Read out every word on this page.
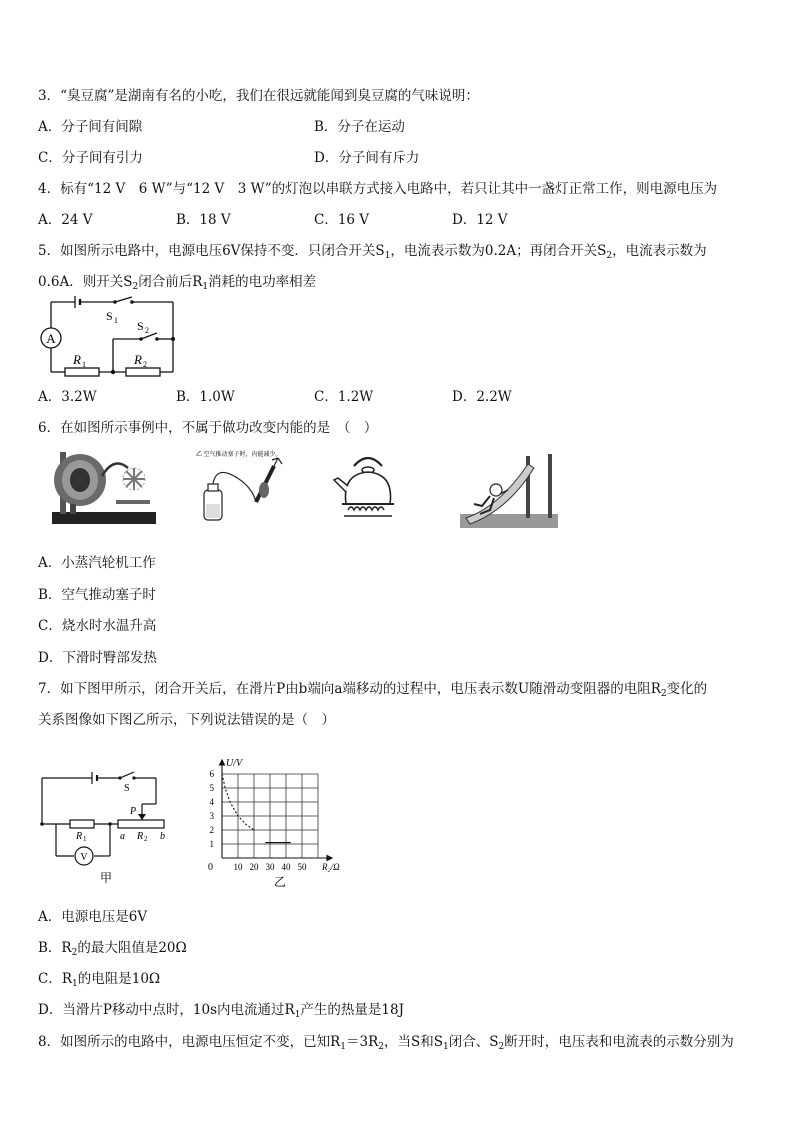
3．“臭豆腐”是湖南有名的小吃，我们在很远就能闻到臭豆腐的气味说明：
A．分子间有间隙	B．分子在运动
C．分子间有引力	D．分子间有斥力
4．标有“12 V　6 W”与“12 V　3 W”的灯泡以串联方式接入电路中，若只让其中一盏灯正常工作，则电源电压为
A．24 V	B．18 V	C．16 V	D．12 V
5．如图所示电路中，电源电压6V保持不变．只闭合开关$S_1$，电流表示数为0.2A；再闭合开关$S_2$，电流表示数为
0.6A．则开关$S_2$闭合前后$R_1$消耗的电功率相差
A
S 1 S 2
R 1	R 2
A．3.2W	B．1.0W	C．1.2W	D．2.2W
6．在如图所示事例中，不属于做功改变内能的是　（　）
乙 空气推动塞子时，内能减少。
A．小蒸汽轮机工作
B．空气推动塞子时
C．烧水时水温升高
D．下滑时臀部发热
7．如下图甲所示，闭合开关后，在滑片P由b端向a端移动的过程中，电压表示数U随滑动变阻器的电阻$R_2$变化的
关系图像如下图乙所示，下列说法错误的是（　）
V
S
P
R 1	a R 2 b
甲
10 20 30 40 50
1
2
3
4
5
6
U/V
R₂/Ω
0
乙
A．电源电压是6V
B．$R_2$的最大阻值是20Ω
C．$R_1$的电阻是10Ω
D．当滑片P移动中点时，10s内电流通过$R_1$产生的热量是18J
8．如图所示的电路中，电源电压恒定不变，已知$R_1=3R_2$，当S和$S_1$闭合、$S_2$断开时，电压表和电流表的示数分别为
